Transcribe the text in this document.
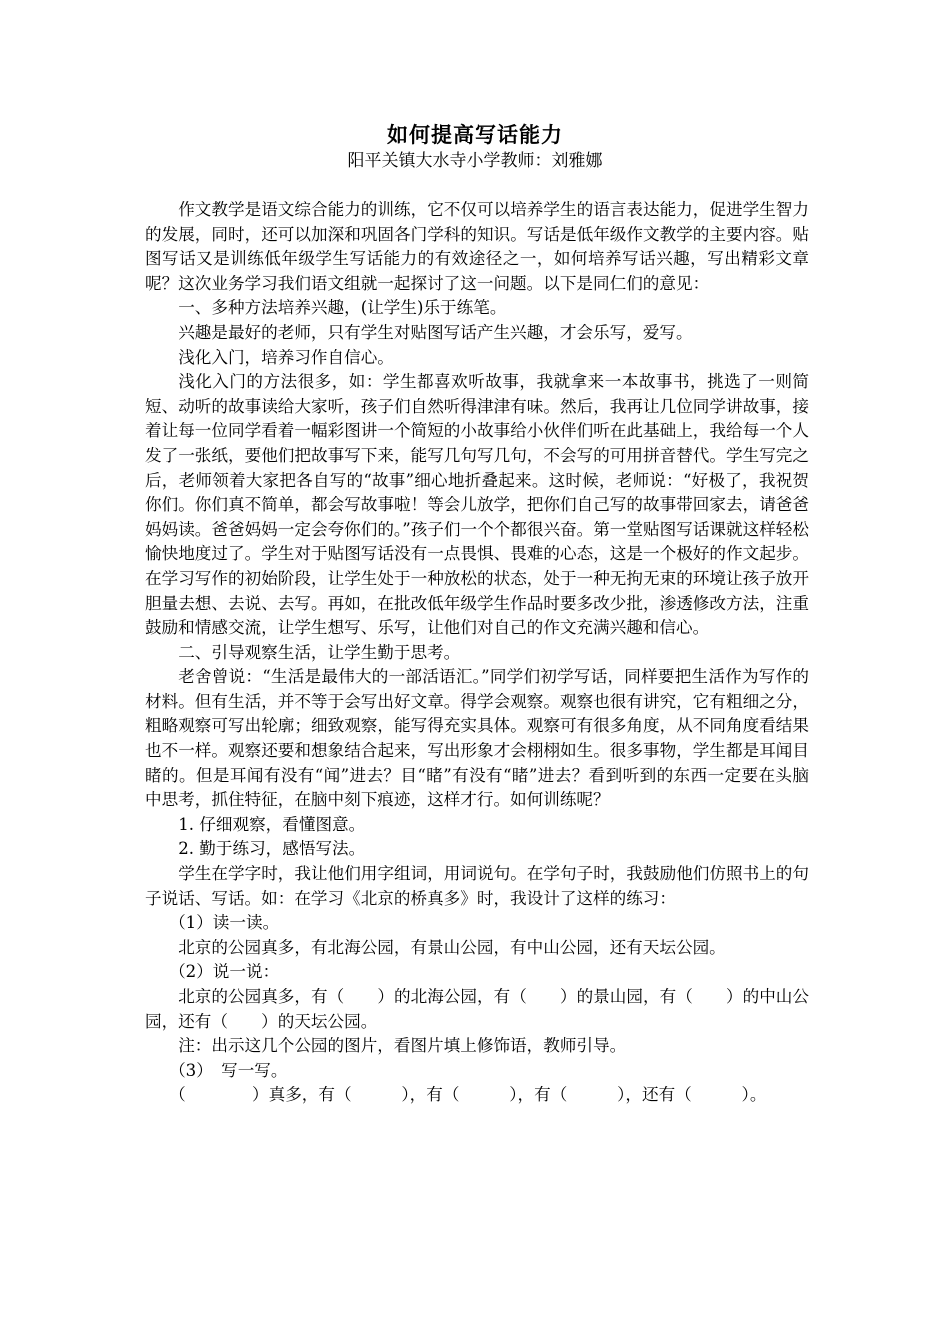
如何提高写话能力
阳平关镇大水寺小学教师：刘雅娜

作文教学是语文综合能力的训练，它不仅可以培养学生的语言表达能力，促进学生智力的发展，同时，还可以加深和巩固各门学科的知识。写话是低年级作文教学的主要内容。贴图写话又是训练低年级学生写话能力的有效途径之一，如何培养写话兴趣，写出精彩文章呢？这次业务学习我们语文组就一起探讨了这一问题。以下是同仁们的意见：

一、多种方法培养兴趣，(让学生)乐于练笔。

兴趣是最好的老师，只有学生对贴图写话产生兴趣，才会乐写，爱写。

浅化入门，培养习作自信心。

浅化入门的方法很多，如：学生都喜欢听故事，我就拿来一本故事书，挑选了一则简短、动听的故事读给大家听，孩子们自然听得津津有味。然后，我再让几位同学讲故事，接着让每一位同学看着一幅彩图讲一个简短的小故事给小伙伴们听在此基础上，我给每一个人发了一张纸，要他们把故事写下来，能写几句写几句，不会写的可用拼音替代。学生写完之后，老师领着大家把各自写的“故事”细心地折叠起来。这时候，老师说：“好极了，我祝贺你们。你们真不简单，都会写故事啦！等会儿放学，把你们自己写的故事带回家去，请爸爸妈妈读。爸爸妈妈一定会夸你们的。”孩子们一个个都很兴奋。第一堂贴图写话课就这样轻松愉快地度过了。学生对于贴图写话没有一点畏惧、畏难的心态，这是一个极好的作文起步。在学习写作的初始阶段，让学生处于一种放松的状态，处于一种无拘无束的环境让孩子放开胆量去想、去说、去写。再如，在批改低年级学生作品时要多改少批，渗透修改方法，注重鼓励和情感交流，让学生想写、乐写，让他们对自己的作文充满兴趣和信心。

二、引导观察生活，让学生勤于思考。

老舍曾说：“生活是最伟大的一部活语汇。”同学们初学写话，同样要把生活作为写作的材料。但有生活，并不等于会写出好文章。得学会观察。观察也很有讲究，它有粗细之分，粗略观察可写出轮廓；细致观察，能写得充实具体。观察可有很多角度，从不同角度看结果也不一样。观察还要和想象结合起来，写出形象才会栩栩如生。很多事物，学生都是耳闻目睹的。但是耳闻有没有“闻”进去？目“睹”有没有“睹”进去？看到听到的东西一定要在头脑中思考，抓住特征，在脑中刻下痕迹，这样才行。如何训练呢？

1. 仔细观察，看懂图意。

2. 勤于练习，感悟写法。

学生在学字时，我让他们用字组词，用词说句。在学句子时，我鼓励他们仿照书上的句子说话、写话。如：在学习《北京的桥真多》时，我设计了这样的练习：

（1）读一读。

北京的公园真多，有北海公园，有景山公园，有中山公园，还有天坛公园。

（2）说一说：

北京的公园真多，有（　　）的北海公园，有（　　）的景山园，有（　　）的中山公园，还有（　　）的天坛公园。

注：出示这几个公园的图片，看图片填上修饰语，教师引导。

（3）　写一写。

（　　　　）真多，有（　　　），有（　　　），有（　　　），还有（　　　）。
